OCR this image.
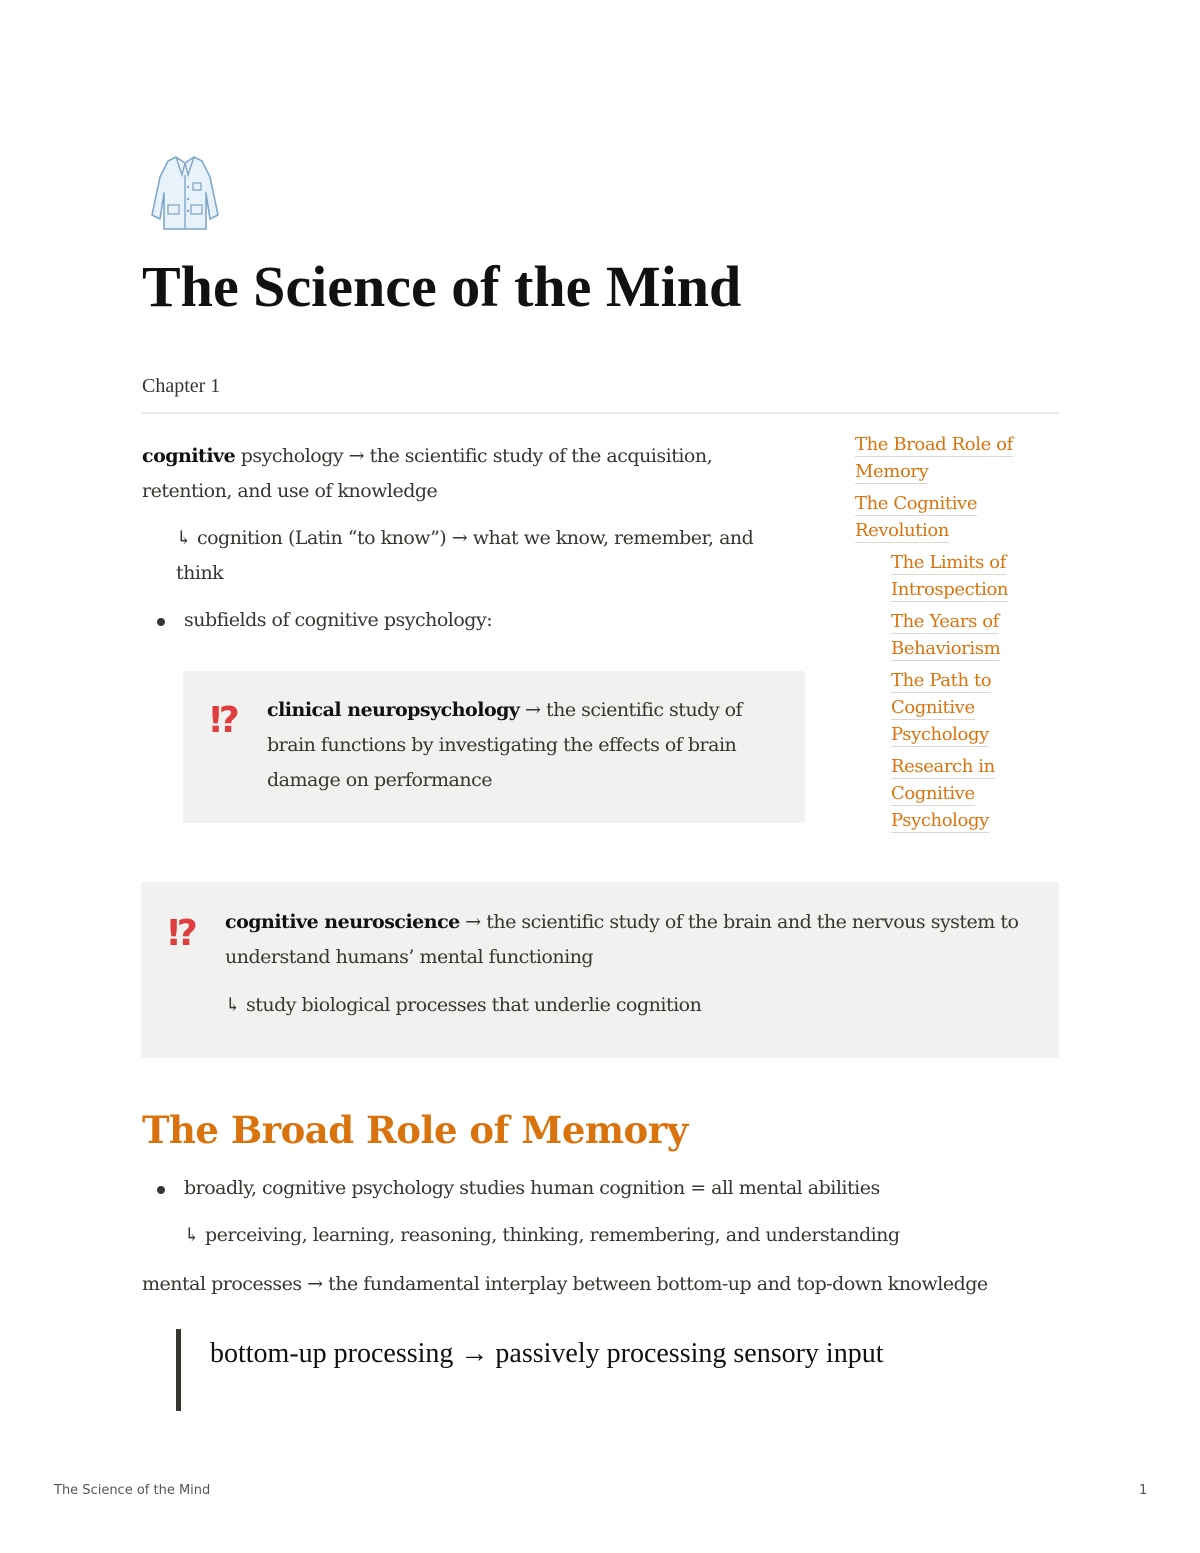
The Science of the Mind
Chapter 1
cognitive psychology → the scientific study of the acquisition, retention, and use of knowledge
↳ cognition (Latin “to know”) → what we know, remember, and think
subfields of cognitive psychology:
⁉ clinical neuropsychology → the scientific study of brain functions by investigating the effects of brain damage on performance
The Broad Role of Memory
The Cognitive Revolution
The Limits of Introspection
The Years of Behaviorism
The Path to Cognitive Psychology
Research in Cognitive Psychology
⁉ cognitive neuroscience → the scientific study of the brain and the nervous system to understand humans’ mental functioning
↳ study biological processes that underlie cognition
The Broad Role of Memory
broadly, cognitive psychology studies human cognition = all mental abilities
↳ perceiving, learning, reasoning, thinking, remembering, and understanding
mental processes → the fundamental interplay between bottom-up and top-down knowledge
bottom-up processing → passively processing sensory input
The Science of the Mind	1
